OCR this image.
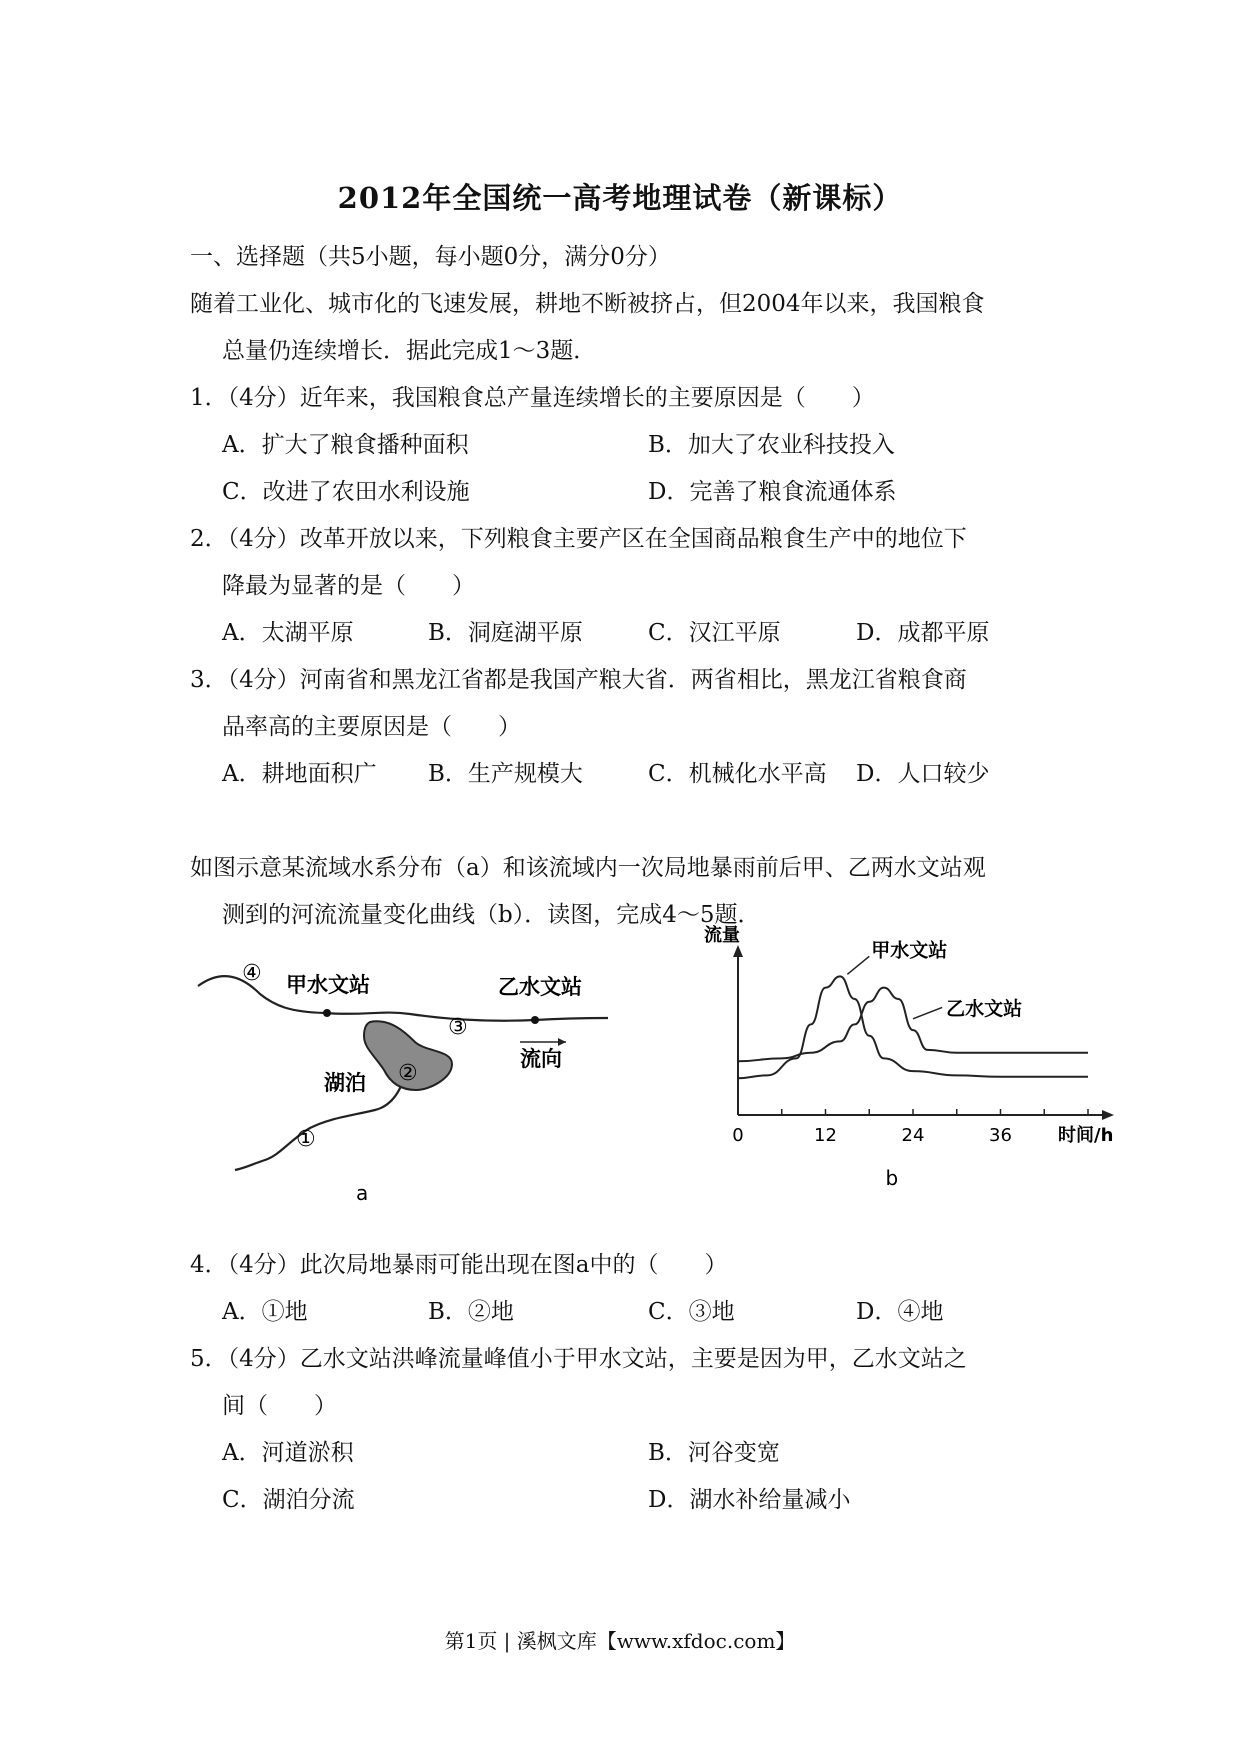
2012年全国统一高考地理试卷（新课标）
一、选择题（共5小题，每小题0分，满分0分）
随着工业化、城市化的飞速发展，耕地不断被挤占，但2004年以来，我国粮食
总量仍连续增长．据此完成1～3题．
1．（4分）近年来，我国粮食总产量连续增长的主要原因是（　　）
A．扩大了粮食播种面积	B．加大了农业科技投入
C．改进了农田水利设施	D．完善了粮食流通体系
2．（4分）改革开放以来，下列粮食主要产区在全国商品粮食生产中的地位下
降最为显著的是（　　）
A．太湖平原	B．洞庭湖平原	C．汉江平原	D．成都平原
3．（4分）河南省和黑龙江省都是我国产粮大省．两省相比，黑龙江省粮食商
品率高的主要原因是（　　）
A．耕地面积广 B．生产规模大	C．机械化水平高 D．人口较少
如图示意某流域水系分布（a）和该流域内一次局地暴雨前后甲、乙两水文站观
测到的河流流量变化曲线（b）．读图，完成4～5题．
④
③
②
①
甲水文站	乙水文站
湖泊
流向
a
0	12	24	36
流量
时间/h
甲水文站
乙水文站
b
4．（4分）此次局地暴雨可能出现在图a中的（　　）
A．①地	B．②地	C．③地	D．④地
5．（4分）乙水文站洪峰流量峰值小于甲水文站，主要是因为甲，乙水文站之
间（　　）
A．河道淤积	B．河谷变宽
C．湖泊分流	D．湖水补给量减小
第1页 | 溪枫文库【www.xfdoc.com】
